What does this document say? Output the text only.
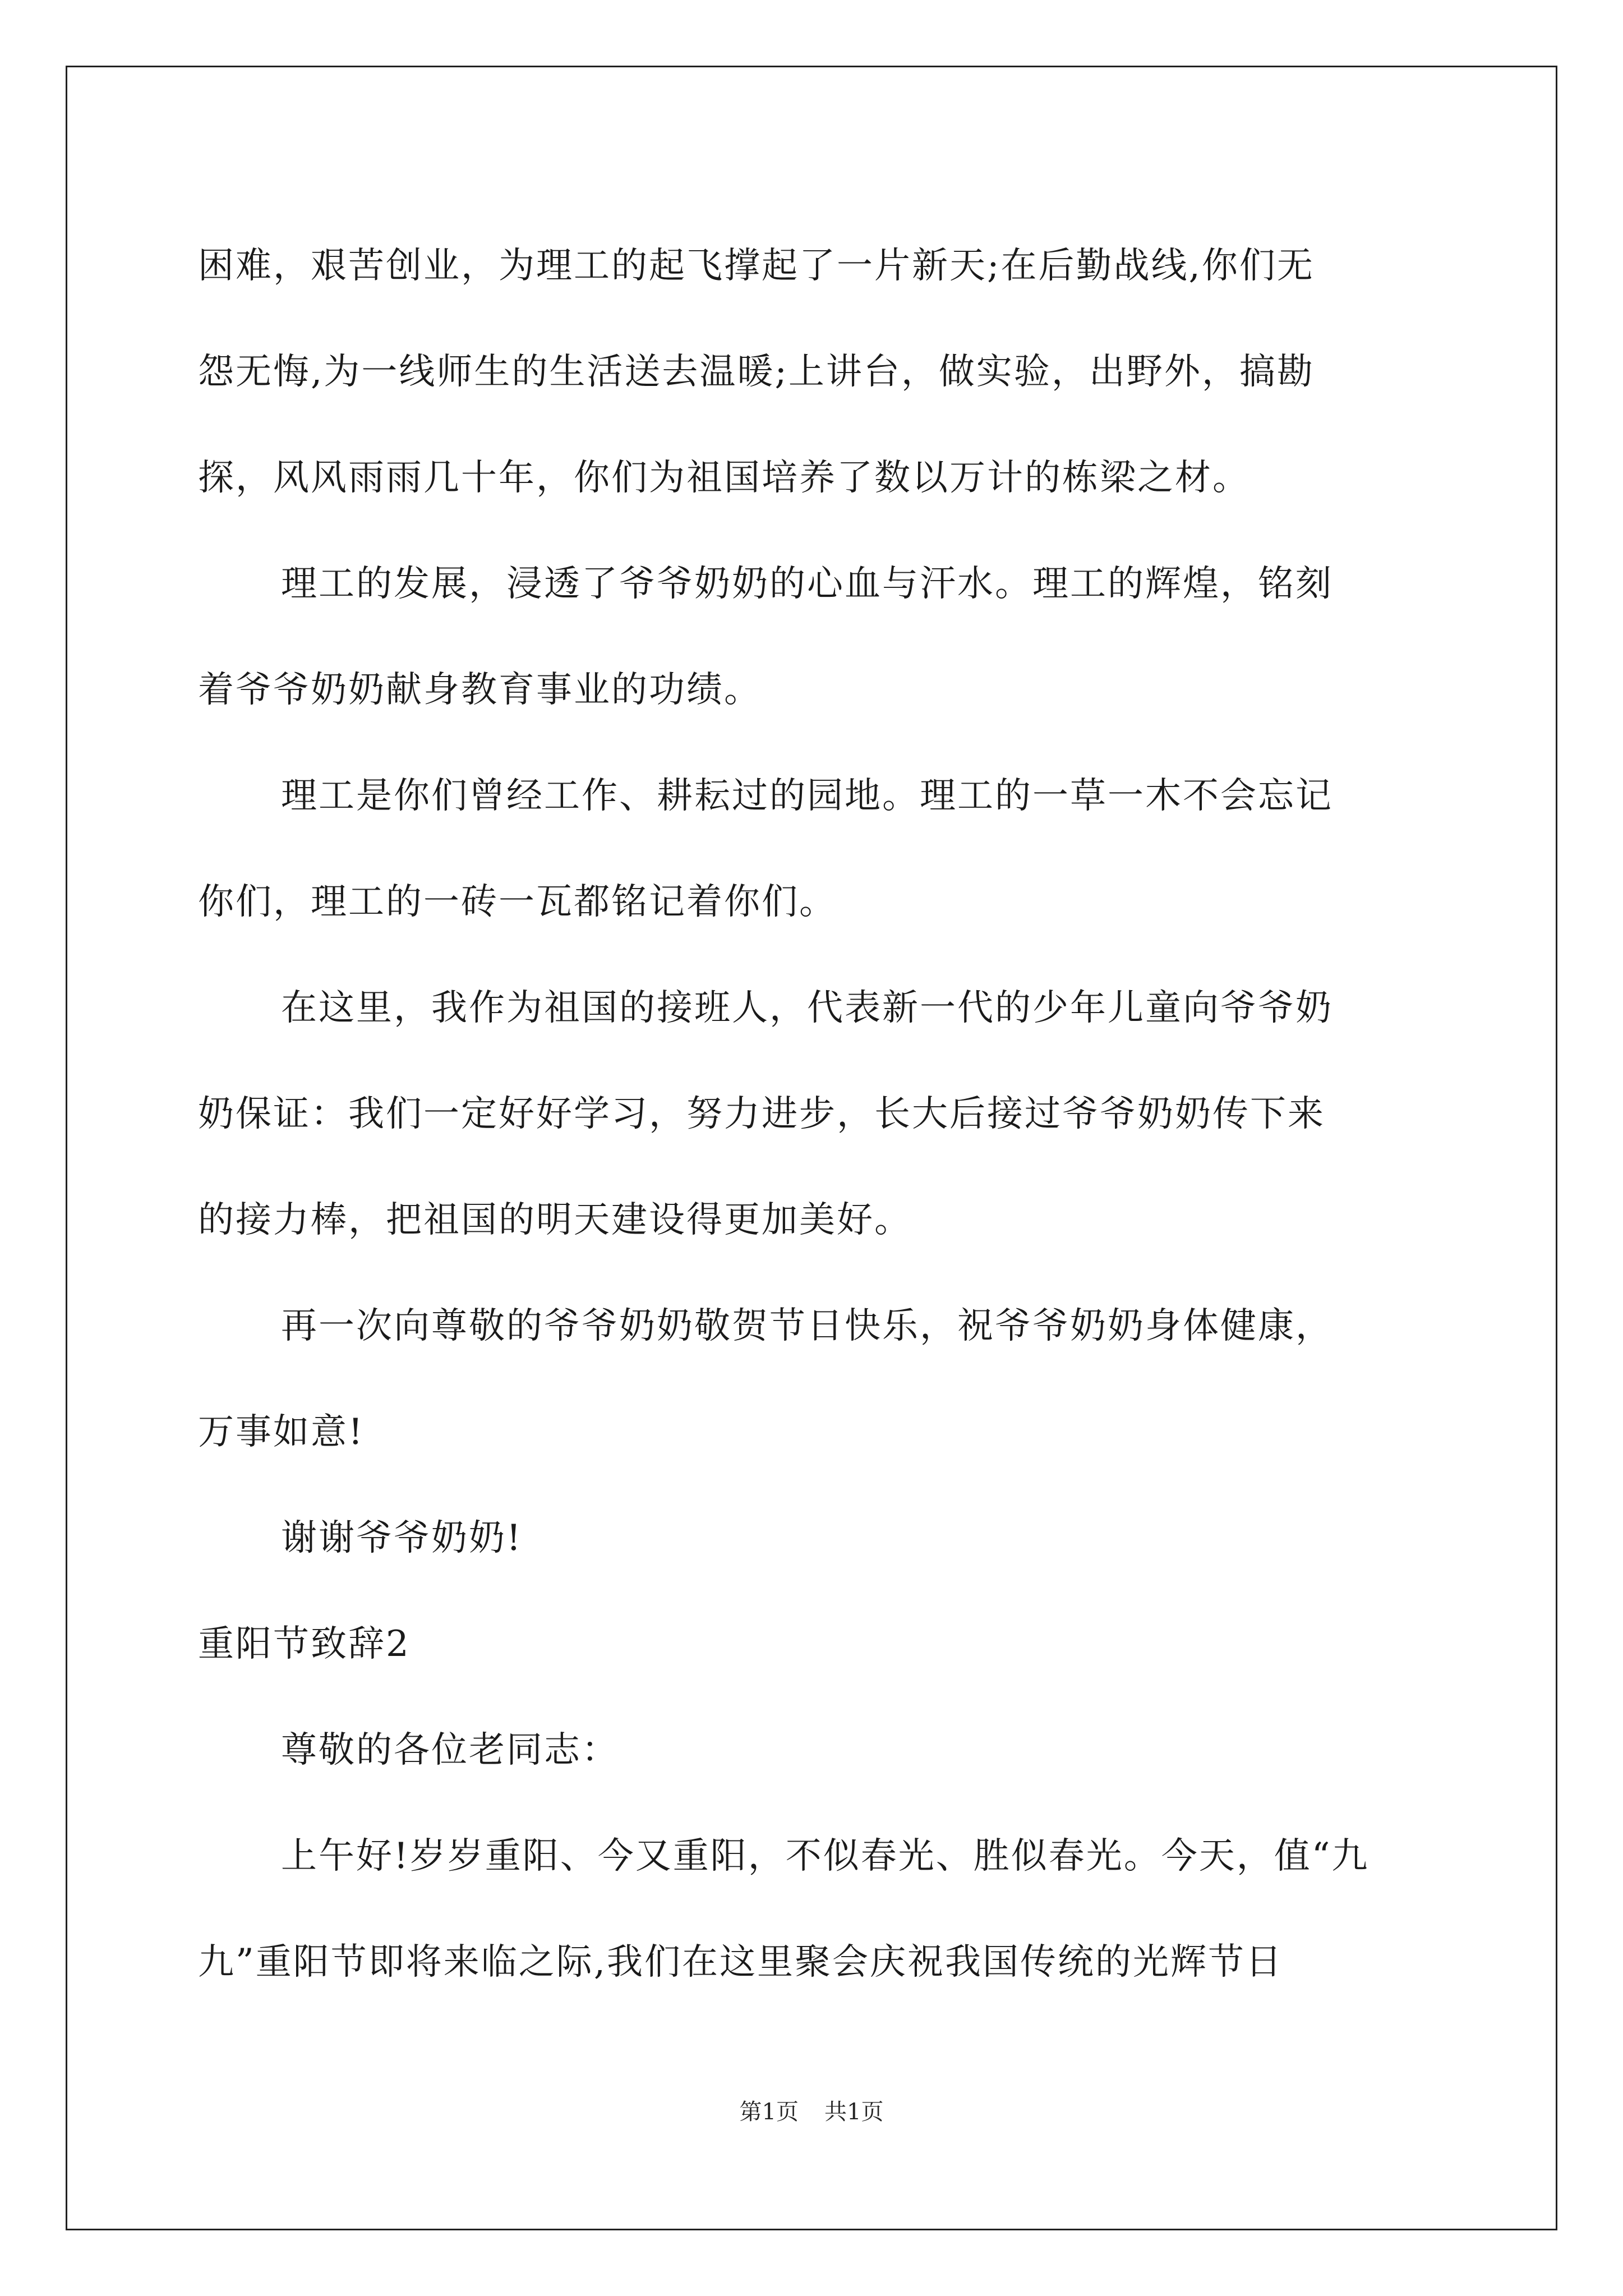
困难，艰苦创业，为理工的起飞撑起了一片新天;在后勤战线,你们无

怨无悔,为一线师生的生活送去温暖;上讲台，做实验，出野外，搞勘

探，风风雨雨几十年，你们为祖国培养了数以万计的栋梁之材。

理工的发展，浸透了爷爷奶奶的心血与汗水。理工的辉煌，铭刻

着爷爷奶奶献身教育事业的功绩。

理工是你们曾经工作、耕耘过的园地。理工的一草一木不会忘记

你们，理工的一砖一瓦都铭记着你们。

在这里，我作为祖国的接班人，代表新一代的少年儿童向爷爷奶

奶保证：我们一定好好学习，努力进步，长大后接过爷爷奶奶传下来

的接力棒，把祖国的明天建设得更加美好。

再一次向尊敬的爷爷奶奶敬贺节日快乐，祝爷爷奶奶身体健康，

万事如意!

谢谢爷爷奶奶!

重阳节致辞2

尊敬的各位老同志：

上午好!岁岁重阳、今又重阳，不似春光、胜似春光。今天，值“九

九”重阳节即将来临之际,我们在这里聚会庆祝我国传统的光辉节日

第1页 共1页
